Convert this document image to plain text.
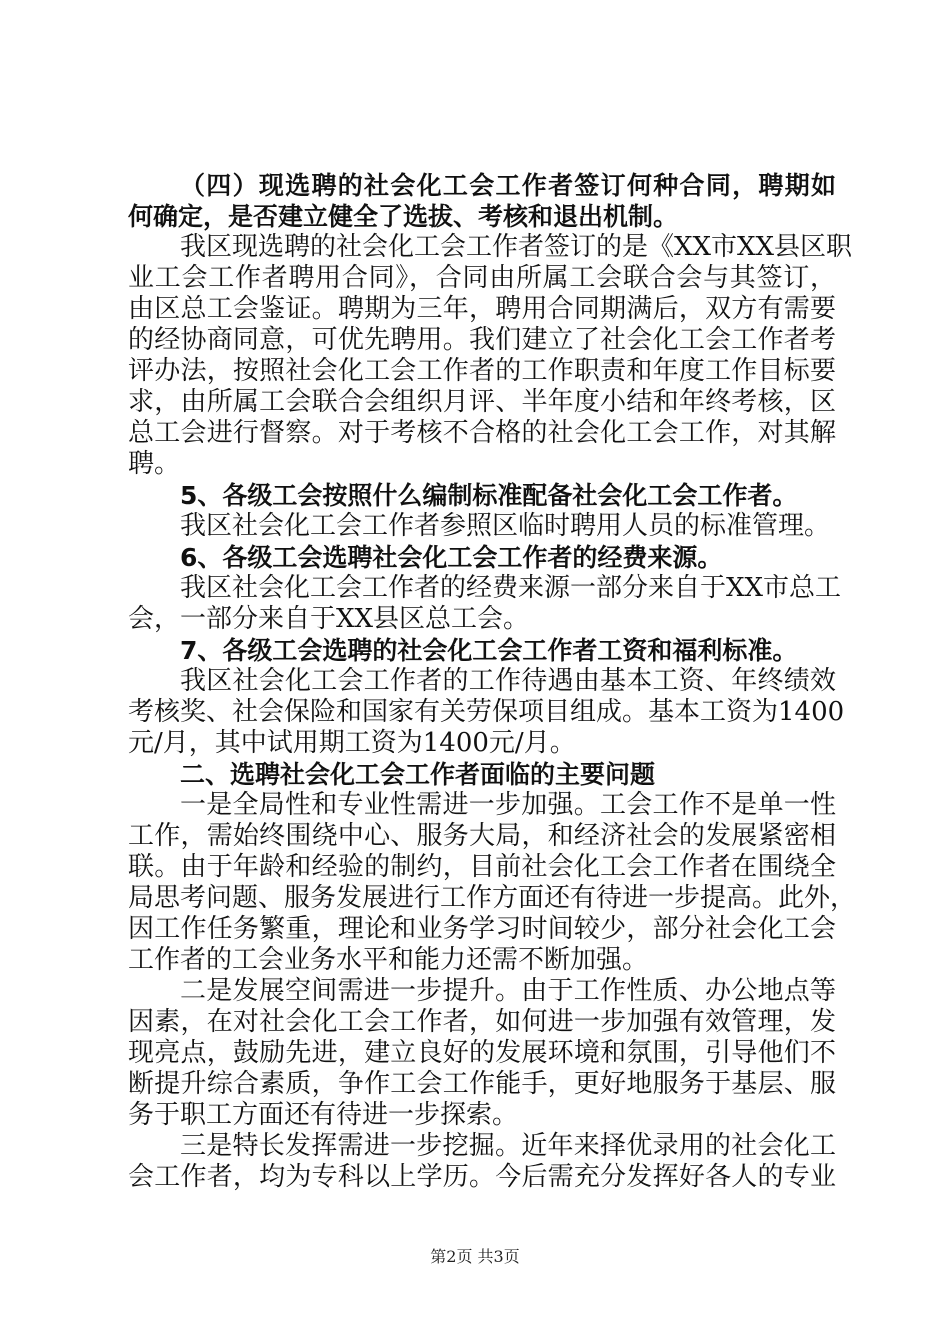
（四）现选聘的社会化工会工作者签订何种合同，聘期如
何确定，是否建立健全了选拔、考核和退出机制。
我区现选聘的社会化工会工作者签订的是《XX市XX县区职
业工会工作者聘用合同》，合同由所属工会联合会与其签订，
由区总工会鉴证。聘期为三年，聘用合同期满后，双方有需要
的经协商同意，可优先聘用。我们建立了社会化工会工作者考
评办法，按照社会化工会工作者的工作职责和年度工作目标要
求，由所属工会联合会组织月评、半年度小结和年终考核，区
总工会进行督察。对于考核不合格的社会化工会工作，对其解
聘。
5、各级工会按照什么编制标准配备社会化工会工作者。
我区社会化工会工作者参照区临时聘用人员的标准管理。
6、各级工会选聘社会化工会工作者的经费来源。
我区社会化工会工作者的经费来源一部分来自于XX市总工
会，一部分来自于XX县区总工会。
7、各级工会选聘的社会化工会工作者工资和福利标准。
我区社会化工会工作者的工作待遇由基本工资、年终绩效
考核奖、社会保险和国家有关劳保项目组成。基本工资为1400
元/月，其中试用期工资为1400元/月。
二、选聘社会化工会工作者面临的主要问题
一是全局性和专业性需进一步加强。工会工作不是单一性
工作，需始终围绕中心、服务大局，和经济社会的发展紧密相
联。由于年龄和经验的制约，目前社会化工会工作者在围绕全
局思考问题、服务发展进行工作方面还有待进一步提高。此外，
因工作任务繁重，理论和业务学习时间较少，部分社会化工会
工作者的工会业务水平和能力还需不断加强。
二是发展空间需进一步提升。由于工作性质、办公地点等
因素，在对社会化工会工作者，如何进一步加强有效管理，发
现亮点，鼓励先进，建立良好的发展环境和氛围，引导他们不
断提升综合素质，争作工会工作能手，更好地服务于基层、服
务于职工方面还有待进一步探索。
三是特长发挥需进一步挖掘。近年来择优录用的社会化工
会工作者，均为专科以上学历。今后需充分发挥好各人的专业
第2页 共3页
